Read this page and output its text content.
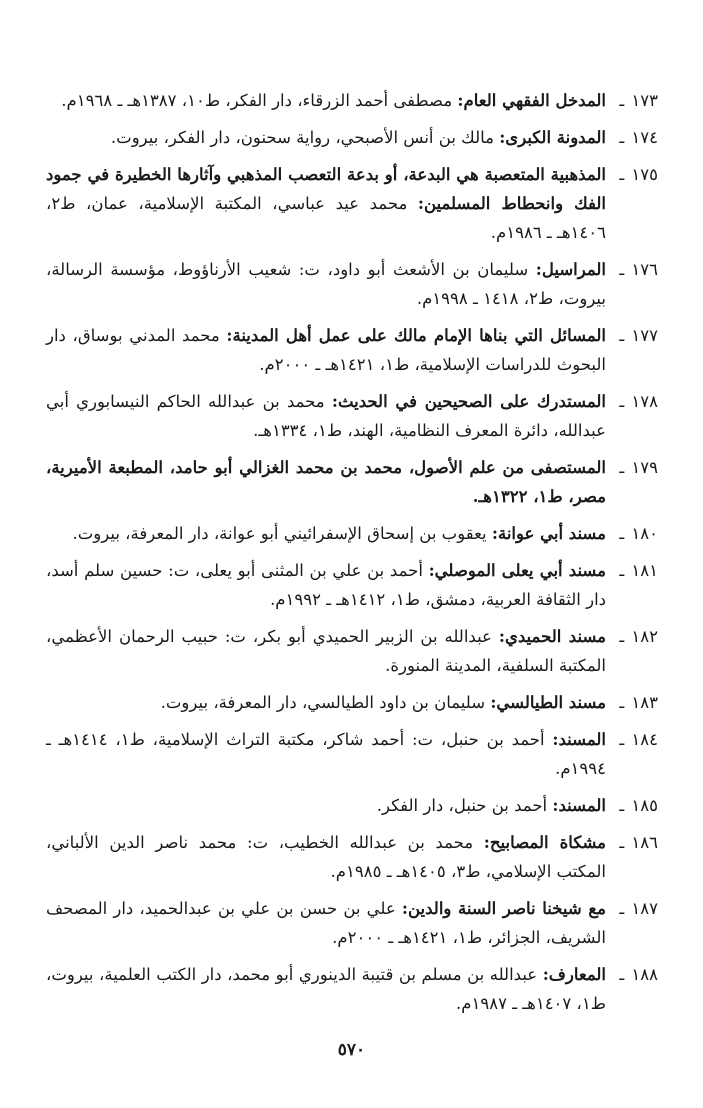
١٧٣ ـ
المدخل الفقهي العام: مصطفى أحمد الزرقاء، دار الفكر، ط١٠، ١٣٨٧هـ ـ ١٩٦٨م.
١٧٤ ـ
المدونة الكبرى: مالك بن أنس الأصبحي، رواية سحنون، دار الفكر، بيروت.
١٧٥ ـ
المذهبية المتعصبة هي البدعة، أو بدعة التعصب المذهبي وآثارها الخطيرة في جمود الفك وانحطاط المسلمين: محمد عيد عباسي، المكتبة الإسلامية، عمان، ط٢، ١٤٠٦هـ ـ ١٩٨٦م.
١٧٦ ـ
المراسيل: سليمان بن الأشعث أبو داود، ت: شعيب الأرناؤوط، مؤسسة الرسالة، بيروت، ط٢، ١٤١٨ ـ ١٩٩٨م.
١٧٧ ـ
المسائل التي بناها الإمام مالك على عمل أهل المدينة: محمد المدني بوساق، دار البحوث للدراسات الإسلامية، ط١، ١٤٢١هـ ـ ٢٠٠٠م.
١٧٨ ـ
المستدرك على الصحيحين في الحديث: محمد بن عبدالله الحاكم النيسابوري أبي عبدالله، دائرة المعرف النظامية، الهند، ط١، ١٣٣٤هـ.
١٧٩ ـ
المستصفى من علم الأصول، محمد بن محمد الغزالي أبو حامد، المطبعة الأميرية، مصر، ط١، ١٣٢٢هـ.
١٨٠ ـ
مسند أبي عوانة: يعقوب بن إسحاق الإسفرائيني أبو عوانة، دار المعرفة، بيروت.
١٨١ ـ
مسند أبي يعلى الموصلي: أحمد بن علي بن المثنى أبو يعلى، ت: حسين سلم أسد، دار الثقافة العربية، دمشق، ط١، ١٤١٢هـ ـ ١٩٩٢م.
١٨٢ ـ
مسند الحميدي: عبدالله بن الزبير الحميدي أبو بكر، ت: حبيب الرحمان الأعظمي، المكتبة السلفية، المدينة المنورة.
١٨٣ ـ
مسند الطيالسي: سليمان بن داود الطيالسي، دار المعرفة، بيروت.
١٨٤ ـ
المسند: أحمد بن حنبل، ت: أحمد شاكر، مكتبة التراث الإسلامية، ط١، ١٤١٤هـ ـ ١٩٩٤م.
١٨٥ ـ
المسند: أحمد بن حنبل، دار الفكر.
١٨٦ ـ
مشكاة المصابيح: محمد بن عبدالله الخطيب، ت: محمد ناصر الدين الألباني، المكتب الإسلامي، ط٣، ١٤٠٥هـ ـ ١٩٨٥م.
١٨٧ ـ
مع شيخنا ناصر السنة والدين: علي بن حسن بن علي بن عبدالحميد، دار المصحف الشريف، الجزائر، ط١، ١٤٢١هـ ـ ٢٠٠٠م.
١٨٨ ـ
المعارف: عبدالله بن مسلم بن قتيبة الدينوري أبو محمد، دار الكتب العلمية، بيروت، ط١، ١٤٠٧هـ ـ ١٩٨٧م.
٥٧٠
